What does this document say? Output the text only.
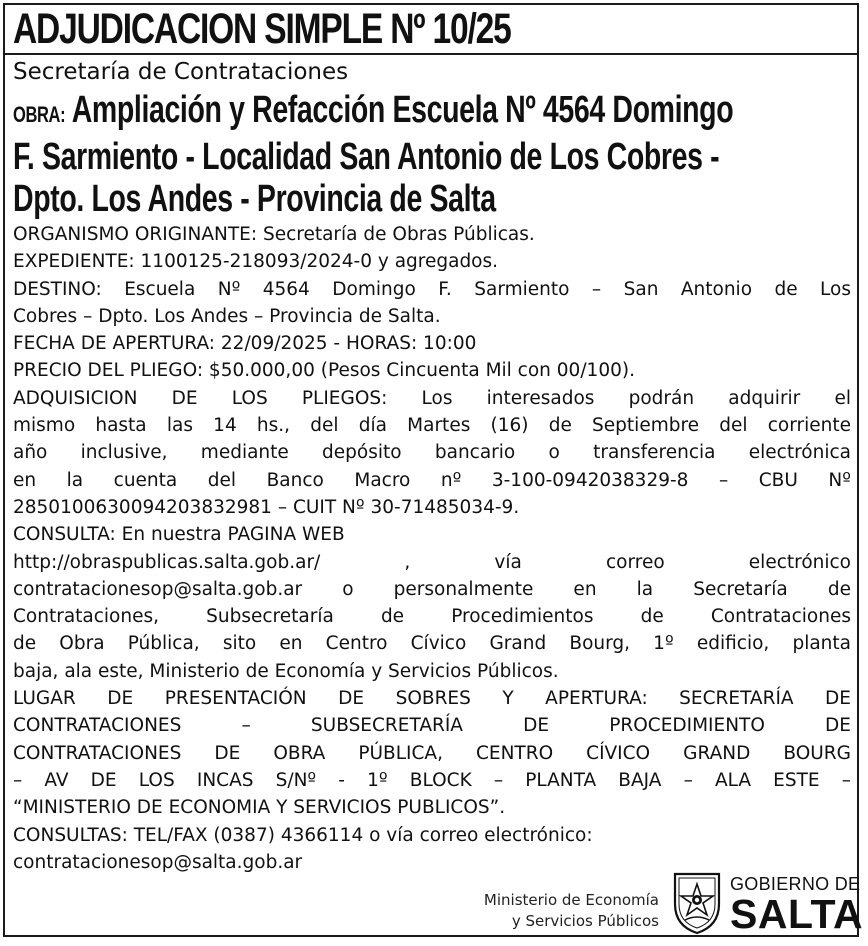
ADJUDICACION SIMPLE Nº 10/25
Secretaría de Contrataciones
OBRA: Ampliación y Refacción Escuela Nº 4564 Domingo
F. Sarmiento - Localidad San Antonio de Los Cobres -
Dpto. Los Andes - Provincia de Salta

ORGANISMO ORIGINANTE: Secretaría de Obras Públicas.

EXPEDIENTE: 1100125-218093/2024-0 y agregados.

DESTINO: Escuela Nº 4564 Domingo F. Sarmiento – San Antonio de Los

Cobres – Dpto. Los Andes – Provincia de Salta.

FECHA DE APERTURA: 22/09/2025 - HORAS: 10:00

PRECIO DEL PLIEGO: $50.000,00 (Pesos Cincuenta Mil con 00/100).

ADQUISICION DE LOS PLIEGOS: Los interesados podrán adquirir el

mismo hasta las 14 hs., del día Martes (16) de Septiembre del corriente

año inclusive, mediante depósito bancario o transferencia electrónica

en la cuenta del Banco Macro nº 3-100-0942038329-8 – CBU Nº

2850100630094203832981 – CUIT Nº 30-71485034-9.

CONSULTA: En nuestra PAGINA WEB

http://obraspublicas.salta.gob.ar/ , vía correo electrónico

contratacionesop@salta.gob.ar o personalmente en la Secretaría de

Contrataciones, Subsecretaría de Procedimientos de Contrataciones

de Obra Pública, sito en Centro Cívico Grand Bourg, 1º edificio, planta

baja, ala este, Ministerio de Economía y Servicios Públicos.

LUGAR DE PRESENTACIÓN DE SOBRES Y APERTURA: SECRETARÍA DE

CONTRATACIONES – SUBSECRETARÍA DE PROCEDIMIENTO DE

CONTRATACIONES DE OBRA PÚBLICA, CENTRO CÍVICO GRAND BOURG

– AV DE LOS INCAS S/Nº - 1º BLOCK – PLANTA BAJA – ALA ESTE –

“MINISTERIO DE ECONOMIA Y SERVICIOS PUBLICOS”.

CONSULTAS: TEL/FAX (0387) 4366114 o vía correo electrónico:

contratacionesop@salta.gob.ar

Ministerio de Economía
y Servicios Públicos
GOBIERNO DE
SALTA
